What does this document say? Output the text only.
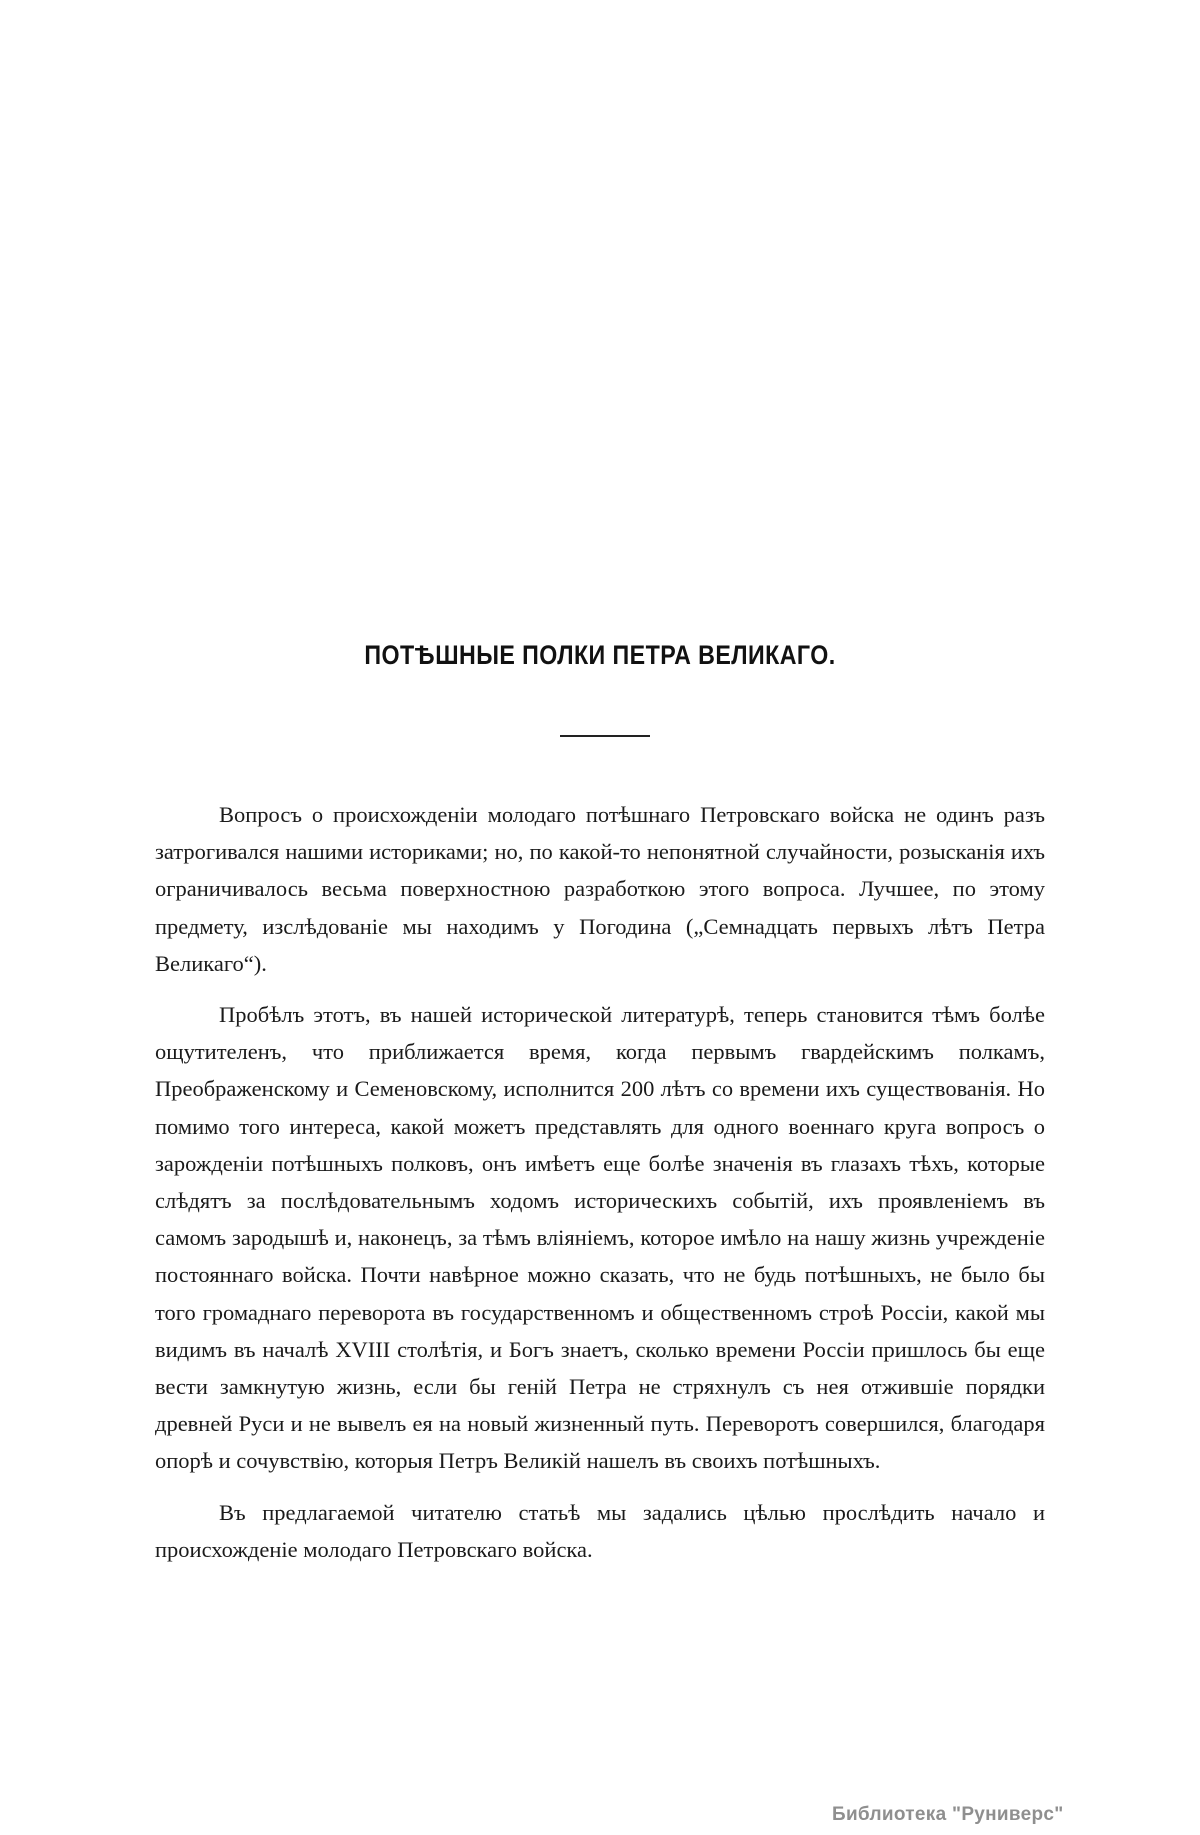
ПОТѢШНЫЕ ПОЛКИ ПЕТРА ВЕЛИКАГО.

Вопросъ о происхожденіи молодаго потѣшнаго Петровскаго войска не одинъ разъ затрогивался нашими историками; но, по какой-то непонятной случайности, розысканія ихъ ограничивалось весьма поверхностною разработкою этого вопроса. Лучшее, по этому предмету, изслѣдованіе мы находимъ у Погодина („Семнадцать первыхъ лѣтъ Петра Великаго“).

Пробѣлъ этотъ, въ нашей исторической литературѣ, теперь становится тѣмъ болѣе ощутителенъ, что приближается время, когда первымъ гвардейскимъ полкамъ, Преображенскому и Семеновскому, исполнится 200 лѣтъ со времени ихъ существованія. Но помимо того интереса, какой можетъ представлять для одного военнаго круга вопросъ о зарожденіи потѣшныхъ полковъ, онъ имѣетъ еще болѣе значенія въ глазахъ тѣхъ, которые слѣдятъ за послѣдовательнымъ ходомъ историческихъ событій, ихъ проявленіемъ въ самомъ зародышѣ и, наконецъ, за тѣмъ вліяніемъ, которое имѣло на нашу жизнь учрежденіе постояннаго войска. Почти навѣрное можно сказать, что не будь потѣшныхъ, не было бы того громаднаго переворота въ государственномъ и общественномъ строѣ Россіи, какой мы видимъ въ началѣ XVIII столѣтія, и Богъ знаетъ, сколько времени Россіи пришлось бы еще вести замкнутую жизнь, если бы геній Петра не стряхнулъ съ нея отжившіе порядки древней Руси и не вывелъ ея на новый жизненный путь. Переворотъ совершился, благодаря опорѣ и сочувствію, которыя Петръ Великій нашелъ въ своихъ потѣшныхъ.

Въ предлагаемой читателю статьѣ мы задались цѣлью прослѣдить начало и происхожденіе молодаго Петровскаго войска.

Библиотека "Руниверс"
